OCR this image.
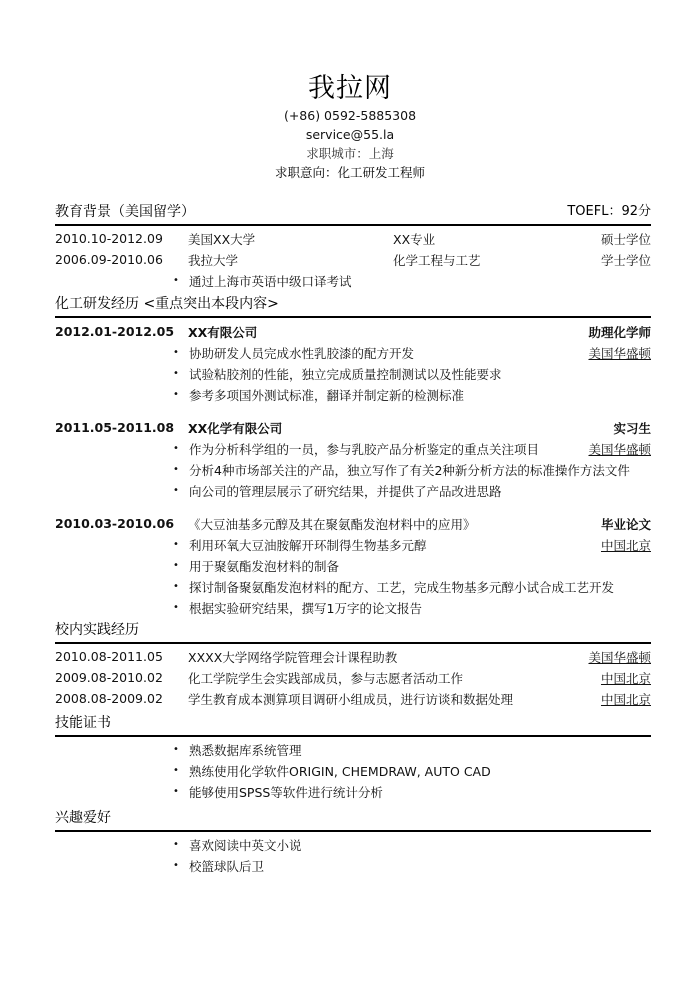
我拉网
(+86) 0592-5885308
service@55.la
求职城市：上海
求职意向：化工研发工程师
教育背景（美国留学）	TOEFL：92分
2010.10-2012.09	美国XX大学	XX专业	硕士学位
2006.09-2010.06	我拉大学	化学工程与工艺	学士学位
• 通过上海市英语中级口译考试
化工研发经历 <重点突出本段内容>
2012.01-2012.05	XX有限公司	助理化学师
• 协助研发人员完成水性乳胶漆的配方开发	美国华盛顿
• 试验粘胶剂的性能，独立完成质量控制测试以及性能要求
• 参考多项国外测试标准，翻译并制定新的检测标准
2011.05-2011.08	XX化学有限公司	实习生
• 作为分析科学组的一员，参与乳胶产品分析鉴定的重点关注项目	美国华盛顿
• 分析4种市场部关注的产品，独立写作了有关2种新分析方法的标准操作方法文件
• 向公司的管理层展示了研究结果，并提供了产品改进思路
2010.03-2010.06	《大豆油基多元醇及其在聚氨酯发泡材料中的应用》	毕业论文
• 利用环氧大豆油胺解开环制得生物基多元醇	中国北京
• 用于聚氨酯发泡材料的制备
• 探讨制备聚氨酯发泡材料的配方、工艺，完成生物基多元醇小试合成工艺开发
• 根据实验研究结果，撰写1万字的论文报告
校内实践经历
2010.08-2011.05	XXXX大学网络学院管理会计课程助教	美国华盛顿
2009.08-2010.02	化工学院学生会实践部成员，参与志愿者活动工作	中国北京
2008.08-2009.02	学生教育成本测算项目调研小组成员，进行访谈和数据处理	中国北京
技能证书
• 熟悉数据库系统管理
• 熟练使用化学软件ORIGIN, CHEMDRAW, AUTO CAD
• 能够使用SPSS等软件进行统计分析
兴趣爱好
• 喜欢阅读中英文小说
• 校篮球队后卫
